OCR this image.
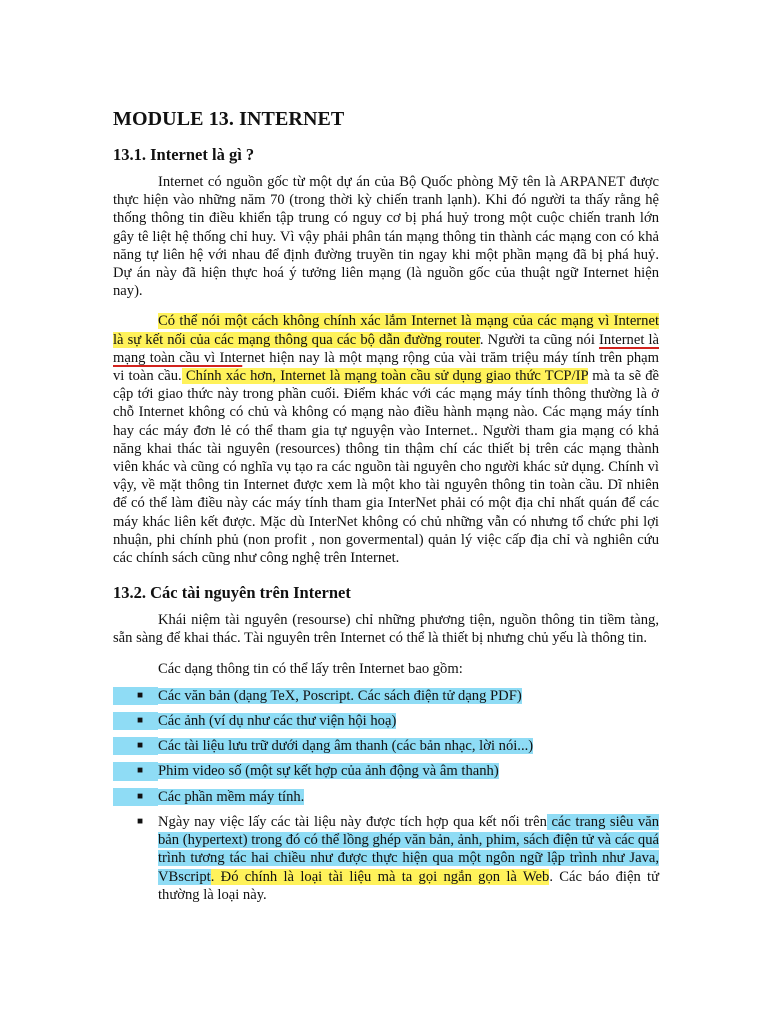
MODULE 13. INTERNET
13.1. Internet là gì ?

Internet có nguồn gốc từ một dự án của Bộ Quốc phòng Mỹ tên là ARPANET được thực hiện vào những năm 70 (trong thời kỳ chiến tranh lạnh). Khi đó người ta thấy rằng hệ thống thông tin điều khiển tập trung có nguy cơ bị phá huỷ trong một cuộc chiến tranh lớn gây tê liệt hệ thống chỉ huy. Vì vậy phải phân tán mạng thông tin thành các mạng con có khả năng tự liên hệ với nhau để định đường truyền tin ngay khi một phần mạng đã bị phá huỷ. Dự án này đã hiện thực hoá ý tưởng liên mạng (là nguồn gốc của thuật ngữ Internet hiện nay).

Có thể nói một cách không chính xác lắm Internet là mạng của các mạng vì Internet là sự kết nối của các mạng thông qua các bộ dẫn đường router. Người ta cũng nói Internet là mạng toàn cầu vì Internet hiện nay là một mạng rộng của vài trăm triệu máy tính trên phạm vi toàn cầu. Chính xác hơn, Internet là mạng toàn cầu sử dụng giao thức TCP/IP mà ta sẽ đề cập tới giao thức này trong phần cuối. Điểm khác với các mạng máy tính thông thường là ở chỗ Internet không có chủ và không có mạng nào điều hành mạng nào. Các mạng máy tính hay các máy đơn lẻ có thể tham gia tự nguyện vào Internet.. Người tham gia mạng có khả năng khai thác tài nguyên (resources) thông tin thậm chí các thiết bị trên các mạng thành viên khác và cũng có nghĩa vụ tạo ra các nguồn tài nguyên cho người khác sử dụng. Chính vì vậy, về mặt thông tin Internet được xem là một kho tài nguyên thông tin toàn cầu. Dĩ nhiên để có thể làm điều này các máy tính tham gia InterNet phải có một địa chỉ nhất quán để các máy khác liên kết được. Mặc dù InterNet không có chủ những vẫn có nhưng tổ chức phi lợi nhuận, phi chính phủ (non profit , non govermental) quản lý việc cấp địa chỉ và nghiên cứu các chính sách cũng như công nghệ trên Internet.

13.2. Các tài nguyên trên Internet

Khái niệm tài nguyên (resourse) chỉ những phương tiện, nguồn thông tin tiềm tàng, sẵn sàng để khai thác. Tài nguyên trên Internet có thể là thiết bị nhưng chủ yếu là thông tin.

Các dạng thông tin có thể lấy trên Internet bao gồm:

■	Các văn bản (dạng TeX, Poscript. Các sách điện tử dạng PDF)
■	Các ảnh (ví dụ như các thư viện hội hoạ)
■	Các tài liệu lưu trữ dưới dạng âm thanh (các bản nhạc, lời nói...)
■	Phim video số (một sự kết hợp của ảnh động và âm thanh)
■	Các phần mềm máy tính.
■	Ngày nay việc lấy các tài liệu này được tích hợp qua kết nối trên các trang siêu văn bản (hypertext) trong đó có thể lồng ghép văn bản, ảnh, phim, sách điện tử và các quá trình tương tác hai chiều như được thực hiện qua một ngôn ngữ lập trình như Java, VBscript. Đó chính là loại tài liệu mà ta gọi ngắn gọn là Web. Các báo điện tử thường là loại này.
